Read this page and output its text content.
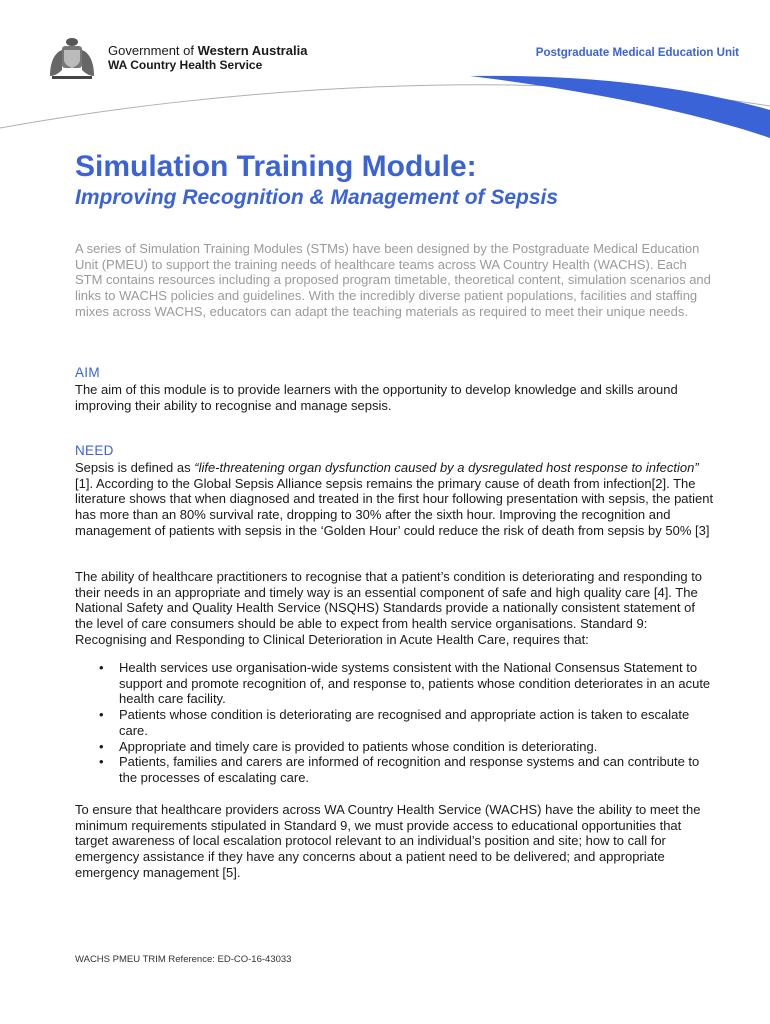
Government of Western Australia
WA Country Health Service
Postgraduate Medical Education Unit
Simulation Training Module:
Improving Recognition & Management of Sepsis
A series of Simulation Training Modules (STMs) have been designed by the Postgraduate Medical Education Unit (PMEU) to support the training needs of healthcare teams across WA Country Health (WACHS). Each STM contains resources including a proposed program timetable, theoretical content, simulation scenarios and links to WACHS policies and guidelines. With the incredibly diverse patient populations, facilities and staffing mixes across WACHS, educators can adapt the teaching materials as required to meet their unique needs.
AIM
The aim of this module is to provide learners with the opportunity to develop knowledge and skills around improving their ability to recognise and manage sepsis.
NEED
Sepsis is defined as “life-threatening organ dysfunction caused by a dysregulated host response to infection” [1]. According to the Global Sepsis Alliance sepsis remains the primary cause of death from infection[2]. The literature shows that when diagnosed and treated in the first hour following presentation with sepsis, the patient has more than an 80% survival rate, dropping to 30% after the sixth hour. Improving the recognition and management of patients with sepsis in the ‘Golden Hour’ could reduce the risk of death from sepsis by 50% [3]
The ability of healthcare practitioners to recognise that a patient’s condition is deteriorating and responding to their needs in an appropriate and timely way is an essential component of safe and high quality care [4]. The National Safety and Quality Health Service (NSQHS) Standards provide a nationally consistent statement of the level of care consumers should be able to expect from health service organisations. Standard 9: Recognising and Responding to Clinical Deterioration in Acute Health Care, requires that:
• Health services use organisation-wide systems consistent with the National Consensus Statement to support and promote recognition of, and response to, patients whose condition deteriorates in an acute health care facility.
• Patients whose condition is deteriorating are recognised and appropriate action is taken to escalate care.
• Appropriate and timely care is provided to patients whose condition is deteriorating.
• Patients, families and carers are informed of recognition and response systems and can contribute to the processes of escalating care.
To ensure that healthcare providers across WA Country Health Service (WACHS) have the ability to meet the minimum requirements stipulated in Standard 9, we must provide access to educational opportunities that target awareness of local escalation protocol relevant to an individual’s position and site; how to call for emergency assistance if they have any concerns about a patient need to be delivered; and appropriate emergency management [5].
WACHS PMEU TRIM Reference: ED-CO-16-43033
